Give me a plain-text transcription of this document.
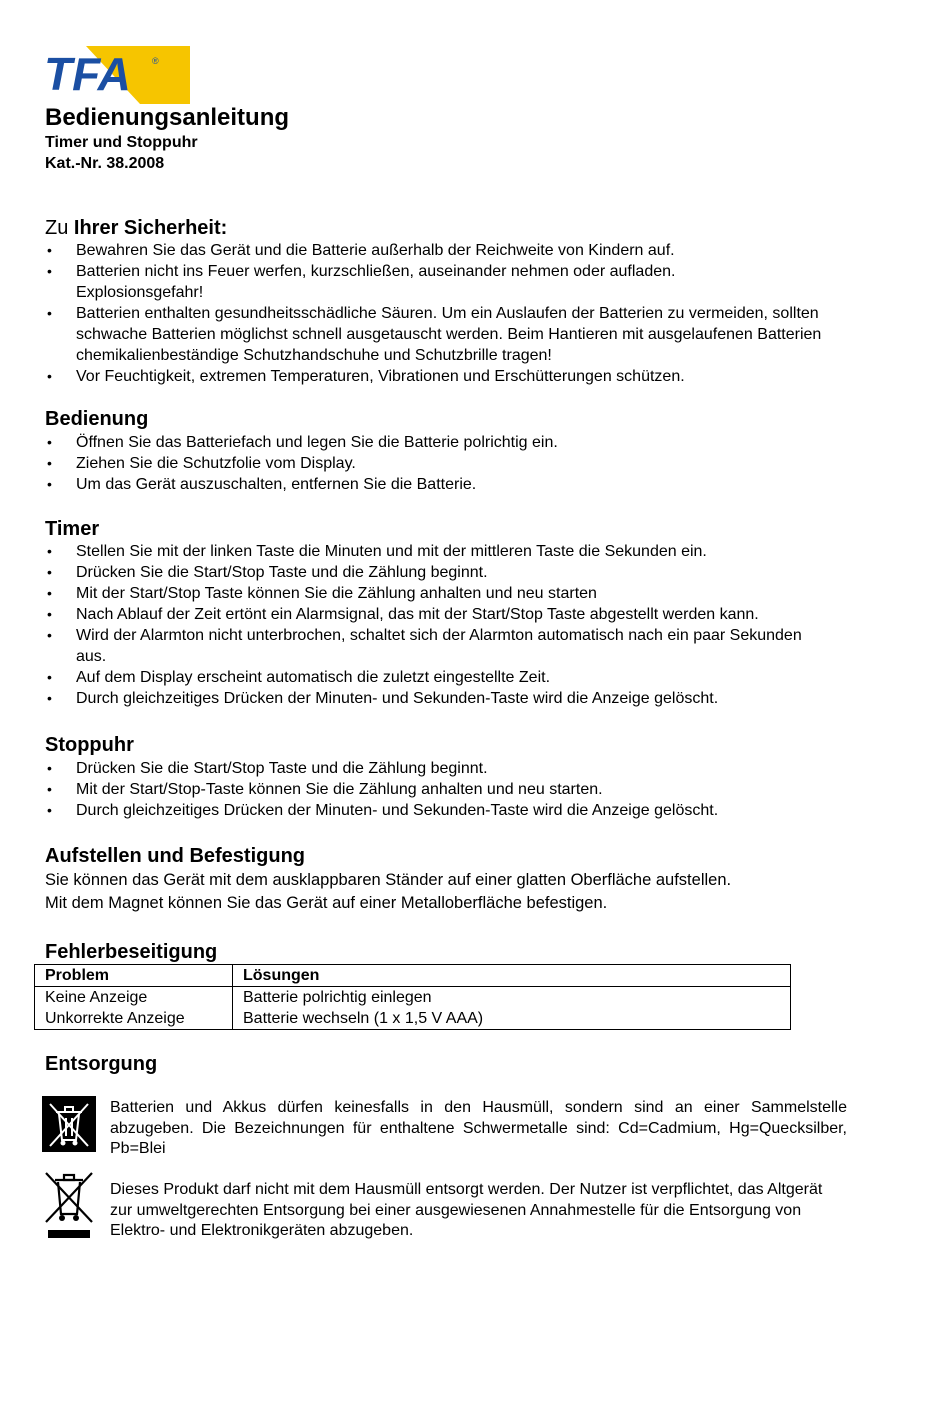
TFA ®
Bedienungsanleitung
Timer und Stoppuhr
Kat.-Nr. 38.2008
Zu Ihrer Sicherheit:
• Bewahren Sie das Gerät und die Batterie außerhalb der Reichweite von Kindern auf.
• Batterien nicht ins Feuer werfen, kurzschließen, auseinander nehmen oder aufladen. Explosionsgefahr!
• Batterien enthalten gesundheitsschädliche Säuren. Um ein Auslaufen der Batterien zu vermeiden, sollten schwache Batterien möglichst schnell ausgetauscht werden. Beim Hantieren mit ausgelaufenen Batterien chemikalienbeständige Schutzhandschuhe und Schutzbrille tragen!
• Vor Feuchtigkeit, extremen Temperaturen, Vibrationen und Erschütterungen schützen.
Bedienung
• Öffnen Sie das Batteriefach und legen Sie die Batterie polrichtig ein.
• Ziehen Sie die Schutzfolie vom Display.
• Um das Gerät auszuschalten, entfernen Sie die Batterie.
Timer
• Stellen Sie mit der linken Taste die Minuten und mit der mittleren Taste die Sekunden ein.
• Drücken Sie die Start/Stop Taste und die Zählung beginnt.
• Mit der Start/Stop Taste können Sie die Zählung anhalten und neu starten
• Nach Ablauf der Zeit ertönt ein Alarmsignal, das mit der Start/Stop Taste abgestellt werden kann.
• Wird der Alarmton nicht unterbrochen, schaltet sich der Alarmton automatisch nach ein paar Sekunden aus.
• Auf dem Display erscheint automatisch die zuletzt eingestellte Zeit.
• Durch gleichzeitiges Drücken der Minuten- und Sekunden-Taste wird die Anzeige gelöscht.
Stoppuhr
• Drücken Sie die Start/Stop Taste und die Zählung beginnt.
• Mit der Start/Stop-Taste können Sie die Zählung anhalten und neu starten.
• Durch gleichzeitiges Drücken der Minuten- und Sekunden-Taste wird die Anzeige gelöscht.
Aufstellen und Befestigung

Sie können das Gerät mit dem ausklappbaren Ständer auf einer glatten Oberfläche aufstellen.

Mit dem Magnet können Sie das Gerät auf einer Metalloberfläche befestigen.

Fehlerbeseitigung
Problem	Lösungen
Keine Anzeige	Batterie polrichtig einlegen
Unkorrekte Anzeige	Batterie wechseln (1 x 1,5 V AAA)
Entsorgung

Batterien und Akkus dürfen keinesfalls in den Hausmüll, sondern sind an einer Sammelstelle abzugeben. Die Bezeichnungen für enthaltene Schwermetalle sind: Cd=Cadmium, Hg=Quecksilber, Pb=Blei

Dieses Produkt darf nicht mit dem Hausmüll entsorgt werden. Der Nutzer ist verpflichtet, das Altgerät zur umweltgerechten Entsorgung bei einer ausgewiesenen Annahmestelle für die Entsorgung von Elektro- und Elektronikgeräten abzugeben.
